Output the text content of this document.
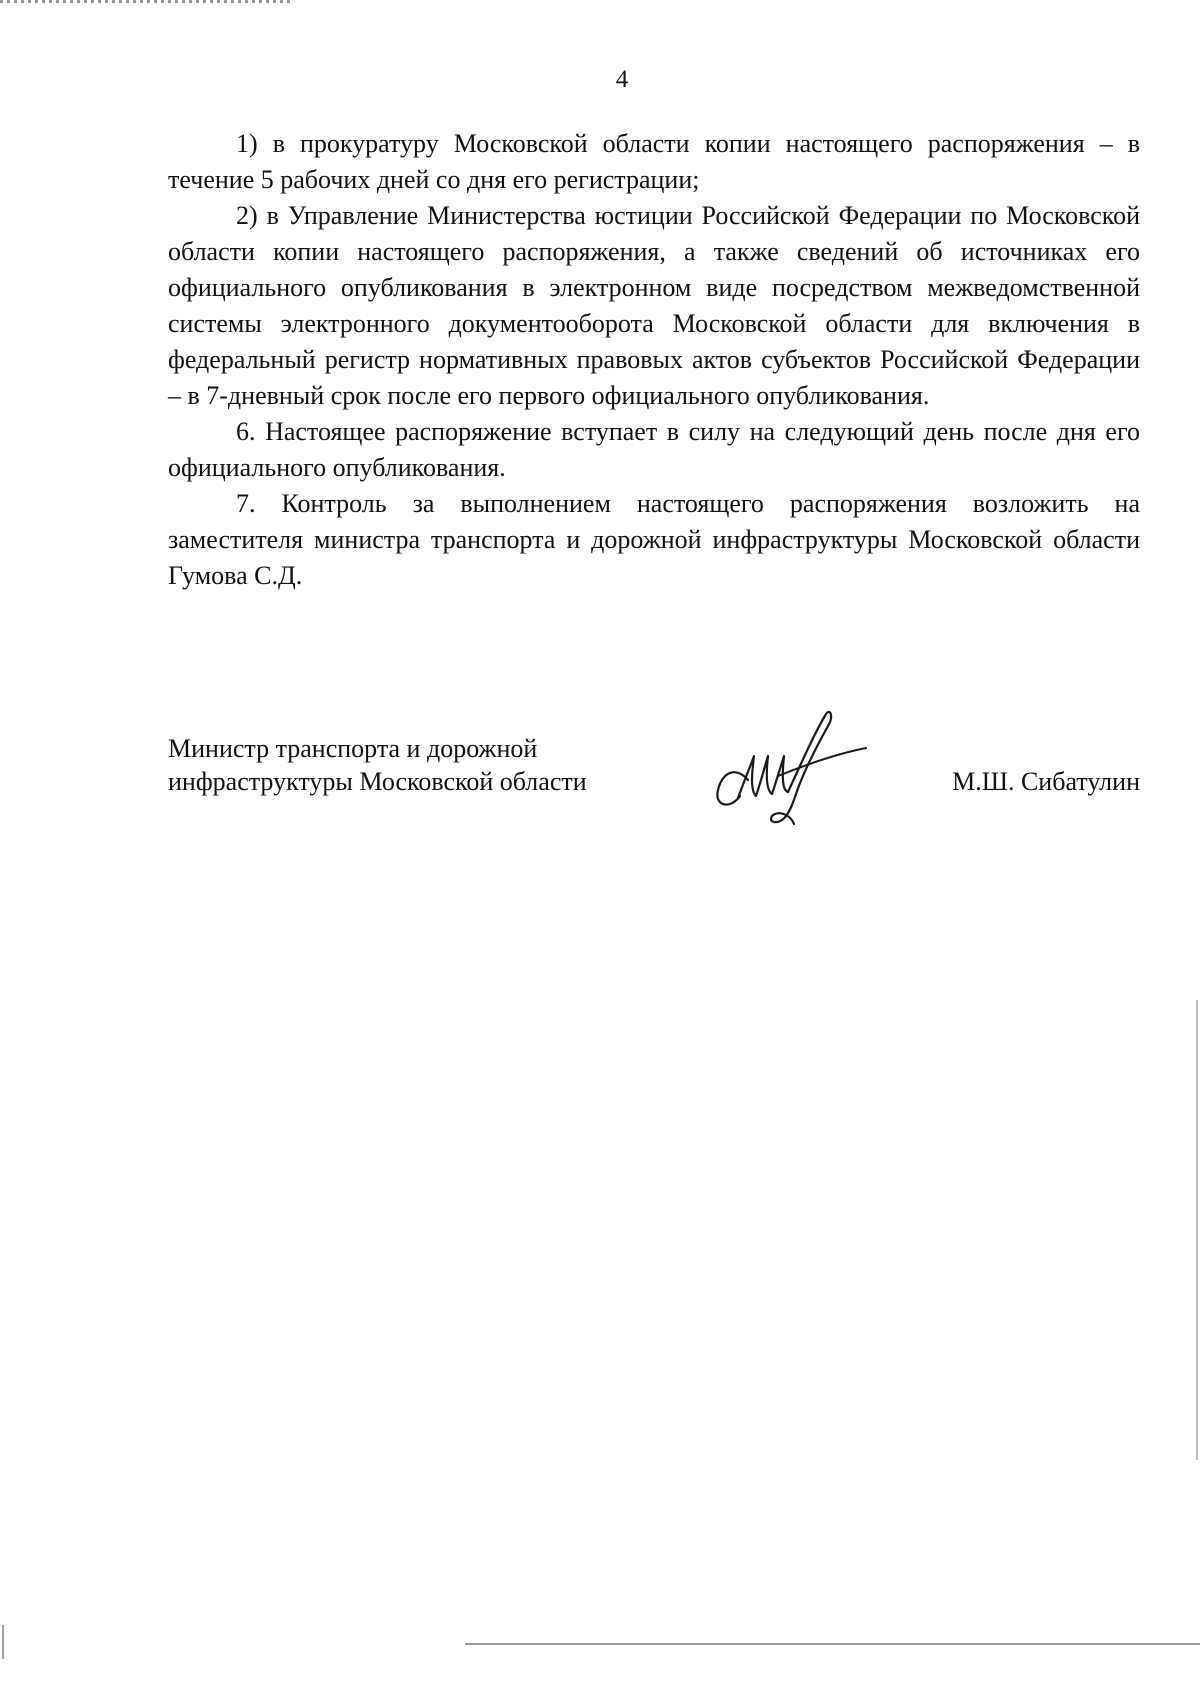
4

1) в прокуратуру Московской области копии настоящего распоряжения – в течение 5 рабочих дней со дня его регистрации;

2) в Управление Министерства юстиции Российской Федерации по Московской области копии настоящего распоряжения, а также сведений об источниках его официального опубликования в электронном виде посредством межведомственной системы электронного документооборота Московской области для включения в федеральный регистр нормативных правовых актов субъектов Российской Федерации – в 7-дневный срок после его первого официального опубликования.

6. Настоящее распоряжение вступает в силу на следующий день после дня его официального опубликования.

7. Контроль за выполнением настоящего распоряжения возложить на заместителя министра транспорта и дорожной инфраструктуры Московской области Гумова С.Д.

Министр транспорта и дорожной
инфраструктуры Московской области	М.Ш. Сибатулин
